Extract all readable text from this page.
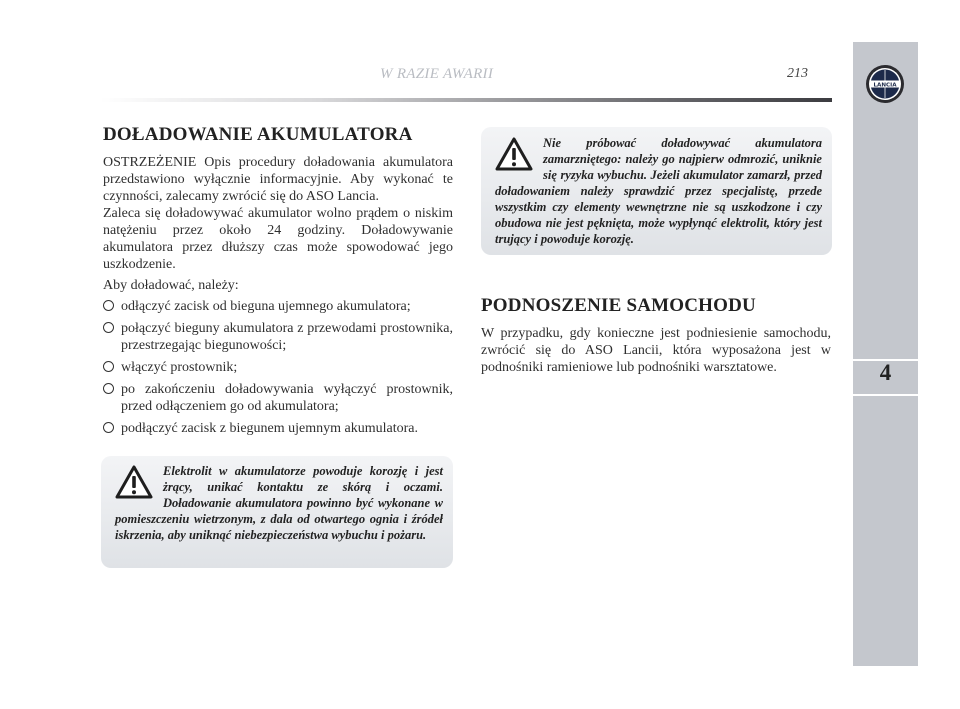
W RAZIE AWARII	213
LANCIA
4
DOŁADOWANIE AKUMULATORA

OSTRZEŻENIE Opis procedury doładowania akumulatora przedstawiono wyłącznie informacyjnie. Aby wykonać te czynności, zalecamy zwrócić się do ASO Lancia.

Zaleca się doładowywać akumulator wolno prądem o niskim natężeniu przez około 24 godziny. Doładowywanie akumulatora przez dłuższy czas może spowodować jego uszkodzenie.

Aby doładować, należy:

odłączyć zacisk od bieguna ujemnego akumulatora;
połączyć bieguny akumulatora z przewodami prostownika, przestrzegając biegunowości;
włączyć prostownik;
po zakończeniu doładowywania wyłączyć prostownik, przed odłączeniem go od akumulatora;
podłączyć zacisk z biegunem ujemnym akumulatora.
Elektrolit w akumulatorze powoduje korozję i jest żrący, unikać kontaktu ze skórą i oczami. Doładowanie akumulatora powinno być wykonane w pomieszczeniu wietrzonym, z dala od otwartego ognia i źródeł iskrzenia, aby uniknąć niebezpieczeństwa wybuchu i pożaru.
Nie próbować doładowywać akumulatora zamarzniętego: należy go najpierw odmrozić, uniknie się ryzyka wybuchu. Jeżeli akumulator zamarzł, przed doładowaniem należy sprawdzić przez specjalistę, przede wszystkim czy elementy wewnętrzne nie są uszkodzone i czy obudowa nie jest pęknięta, może wypłynąć elektrolit, który jest trujący i powoduje korozję.
PODNOSZENIE SAMOCHODU

W przypadku, gdy konieczne jest podniesienie samochodu, zwrócić się do ASO Lancii, która wyposażona jest w podnośniki ramieniowe lub podnośniki warsztatowe.
